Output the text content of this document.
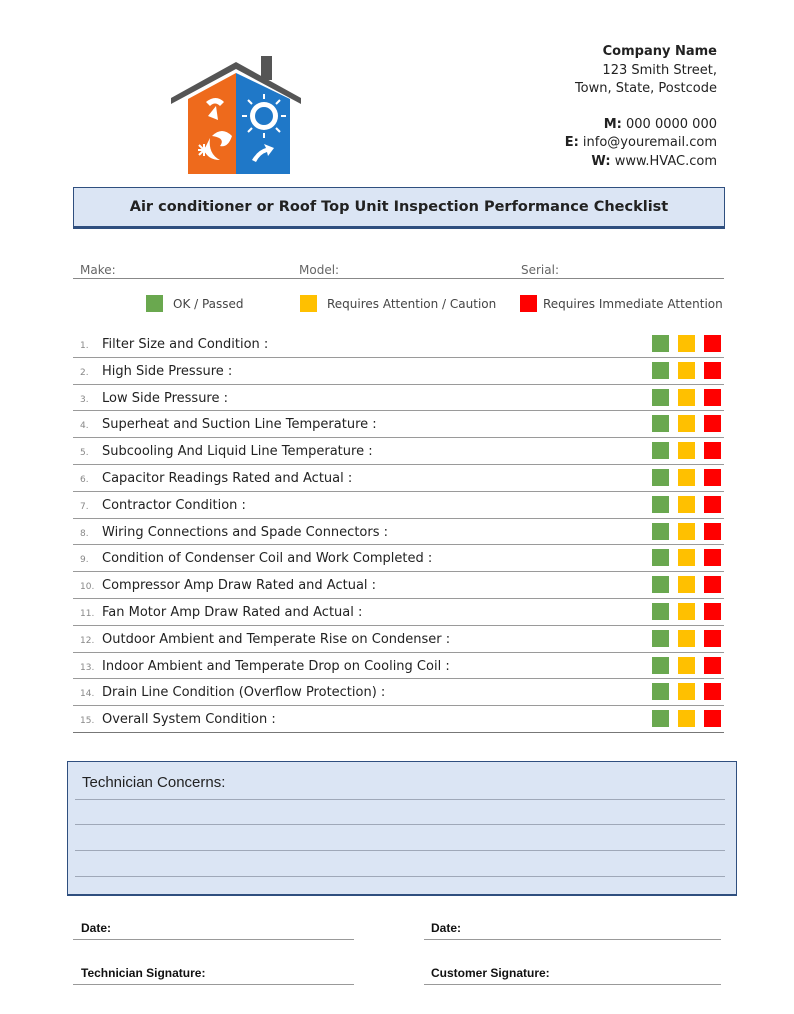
Company Name
123 Smith Street,
Town, State, Postcode
M: 000 0000 000
E: info@youremail.com
W: www.HVAC.com
Air conditioner or Roof Top Unit Inspection Performance Checklist
Make:	Model:	Serial:
OK / Passed	Requires Attention / Caution	Requires Immediate Attention
1. Filter Size and Condition :
2. High Side Pressure :
3. Low Side Pressure :
4. Superheat and Suction Line Temperature :
5. Subcooling And Liquid Line Temperature :
6. Capacitor Readings Rated and Actual :
7. Contractor Condition :
8. Wiring Connections and Spade Connectors :
9. Condition of Condenser Coil and Work Completed :
10. Compressor Amp Draw Rated and Actual :
11. Fan Motor Amp Draw Rated and Actual :
12. Outdoor Ambient and Temperate Rise on Condenser :
13. Indoor Ambient and Temperate Drop on Cooling Coil :
14. Drain Line Condition (Overflow Protection) :
15. Overall System Condition :
Technician Concerns:
Date:	Date:
Technician Signature:	Customer Signature:
